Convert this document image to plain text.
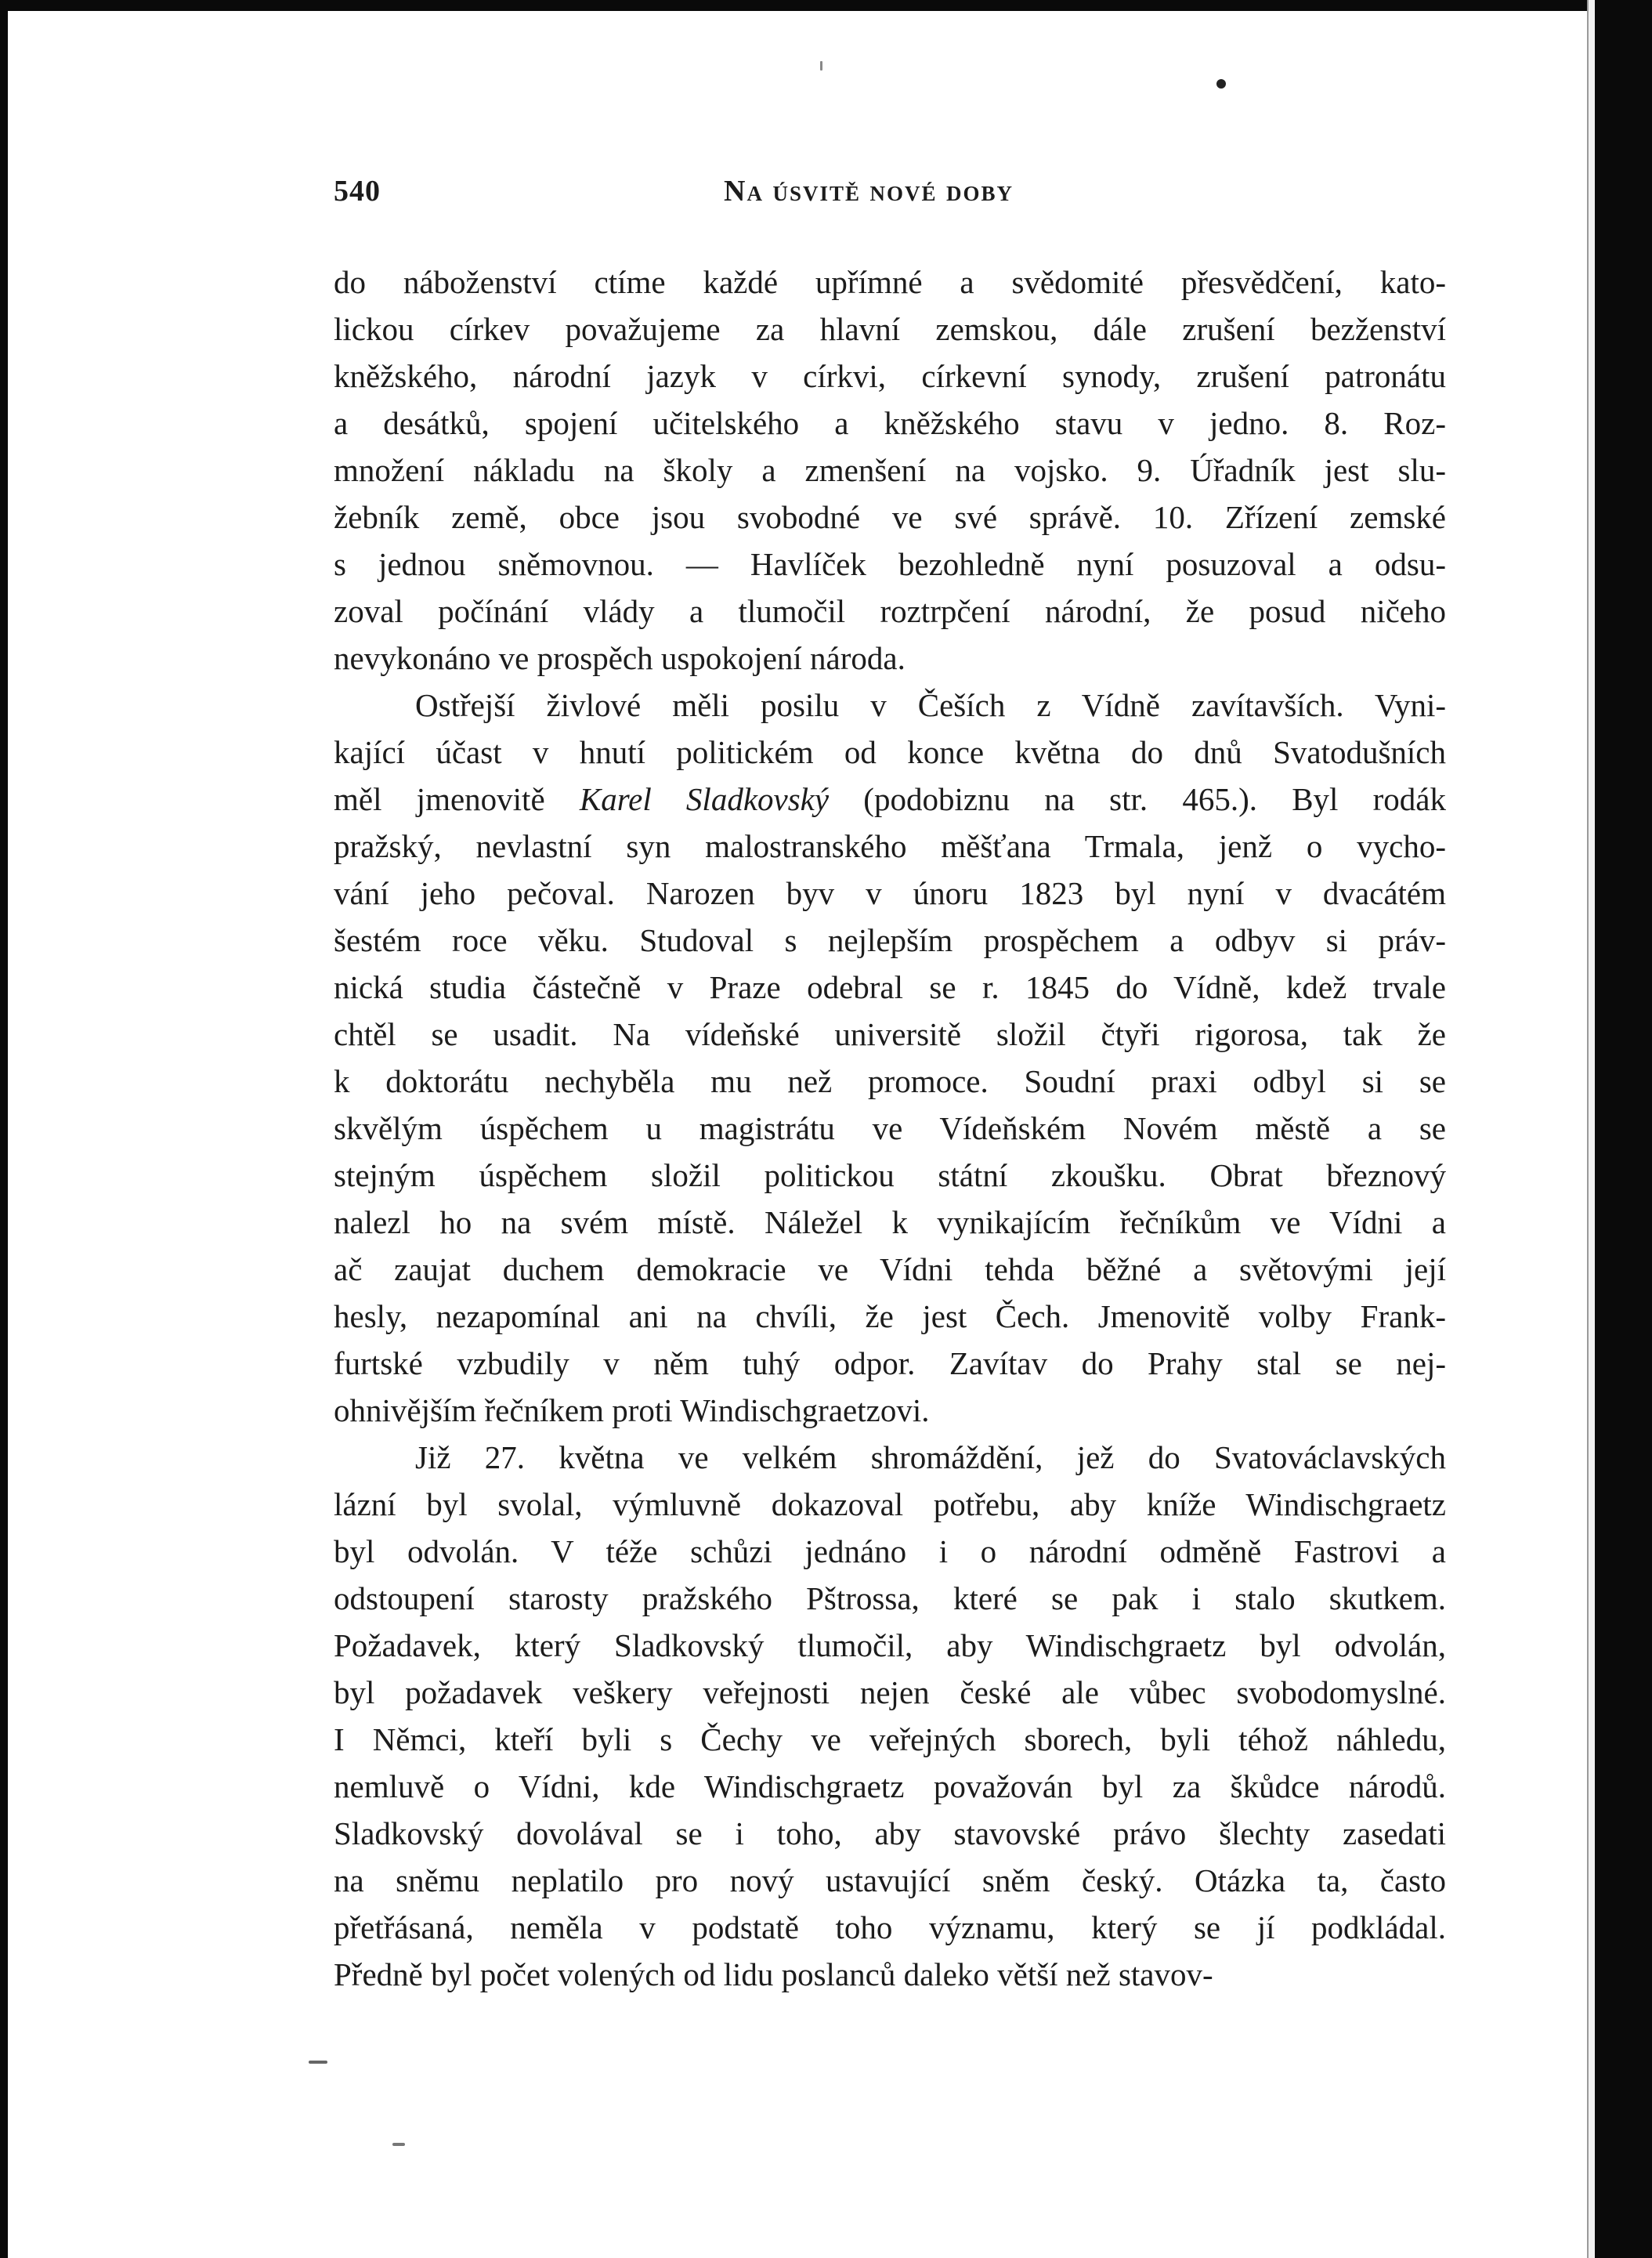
540	Na úsvitě nové doby
do náboženství ctíme každé upřímné a svědomité přesvědčení, kato-
lickou církev považujeme za hlavní zemskou, dále zrušení bezženství
kněžského, národní jazyk v církvi, církevní synody, zrušení patronátu
a desátků, spojení učitelského a kněžského stavu v jedno. 8. Roz-
množení nákladu na školy a zmenšení na vojsko. 9. Úřadník jest slu-
žebník země, obce jsou svobodné ve své správě. 10. Zřízení zemské
s jednou sněmovnou. — Havlíček bezohledně nyní posuzoval a odsu-
zoval počínání vlády a tlumočil roztrpčení národní, že posud ničeho
nevykonáno ve prospěch uspokojení národa.
Ostřejší živlové měli posilu v Češích z Vídně zavítavších. Vyni-
kající účast v hnutí politickém od konce května do dnů Svatodušních
měl jmenovitě Karel Sladkovský (podobiznu na str. 465.). Byl rodák
pražský, nevlastní syn malostranského měšťana Trmala, jenž o vycho-
vání jeho pečoval. Narozen byv v únoru 1823 byl nyní v dvacátém
šestém roce věku. Studoval s nejlepším prospěchem a odbyv si práv-
nická studia částečně v Praze odebral se r. 1845 do Vídně, kdež trvale
chtěl se usadit. Na vídeňské universitě složil čtyři rigorosa, tak že
k doktorátu nechyběla mu než promoce. Soudní praxi odbyl si se
skvělým úspěchem u magistrátu ve Vídeňském Novém městě a se
stejným úspěchem složil politickou státní zkoušku. Obrat březnový
nalezl ho na svém místě. Náležel k vynikajícím řečníkům ve Vídni a
ač zaujat duchem demokracie ve Vídni tehda běžné a světovými její
hesly, nezapomínal ani na chvíli, že jest Čech. Jmenovitě volby Frank-
furtské vzbudily v něm tuhý odpor. Zavítav do Prahy stal se nej-
ohnivějším řečníkem proti Windischgraetzovi.
Již 27. května ve velkém shromáždění, jež do Svatováclavských
lázní byl svolal, výmluvně dokazoval potřebu, aby kníže Windischgraetz
byl odvolán. V téže schůzi jednáno i o národní odměně Fastrovi a
odstoupení starosty pražského Pštrossa, které se pak i stalo skutkem.
Požadavek, který Sladkovský tlumočil, aby Windischgraetz byl odvolán,
byl požadavek veškery veřejnosti nejen české ale vůbec svobodomyslné.
I Němci, kteří byli s Čechy ve veřejných sborech, byli téhož náhledu,
nemluvě o Vídni, kde Windischgraetz považován byl za škůdce národů.
Sladkovský dovolával se i toho, aby stavovské právo šlechty zasedati
na sněmu neplatilo pro nový ustavující sněm český. Otázka ta, často
přetřásaná, neměla v podstatě toho významu, který se jí podkládal.
Předně byl počet volených od lidu poslanců daleko větší než stavov-
